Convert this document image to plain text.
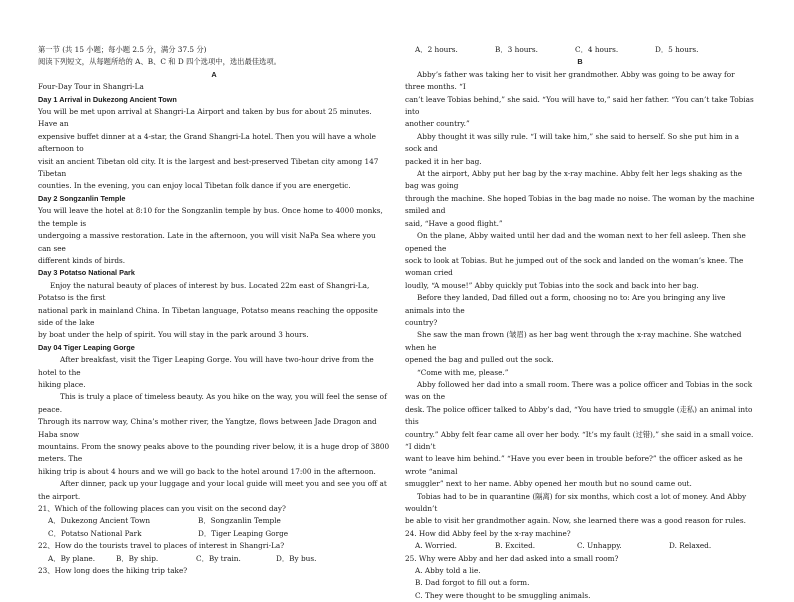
第一节 (共 15 小题；每小题 2.5 分，满分 37.5 分)

阅读下列短文，从每题所给的 A、B、C 和 D 四个选项中，选出最佳选项。

A

Four-Day Tour in Shangri-La

Day 1 Arrival in Dukezong Ancient Town

You will be met upon arrival at Shangri-La Airport and taken by bus for about 25 minutes. Have an

expensive buffet dinner at a 4-star, the Grand Shangri-La hotel. Then you will have a whole afternoon to

visit an ancient Tibetan old city. It is the largest and best-preserved Tibetan city among 147 Tibetan

counties. In the evening, you can enjoy local Tibetan folk dance if you are energetic.

Day 2 Songzanlin Temple

You will leave the hotel at 8:10 for the Songzanlin temple by bus. Once home to 4000 monks, the temple is

undergoing a massive restoration. Late in the afternoon, you will visit NaPa Sea where you can see

different kinds of birds.

Day 3 Potatso National Park

Enjoy the natural beauty of places of interest by bus. Located 22m east of Shangri-La, Potatso is the first

national park in mainland China. In Tibetan language, Potatso means reaching the opposite side of the lake

by boat under the help of spirit. You will stay in the park around 3 hours.

Day 04 Tiger Leaping Gorge

After breakfast, visit the Tiger Leaping Gorge. You will have two-hour drive from the hotel to the

hiking place.

This is truly a place of timeless beauty. As you hike on the way, you will feel the sense of peace.

Through its narrow way, China’s mother river, the Yangtze, flows between Jade Dragon and Haba snow

mountains. From the snowy peaks above to the pounding river below, it is a huge drop of 3800 meters. The

hiking trip is about 4 hours and we will go back to the hotel around 17:00 in the afternoon.

After dinner, pack up your luggage and your local guide will meet you and see you off at the airport.

21、Which of the following places can you visit on the second day?

A．Dukezong Ancient Town	B．Songzanlin Temple
C．Potatso National Park	D．Tiger Leaping Gorge

22、How do the tourists travel to places of interest in Shangri-La?

A．By plane.	B．By ship.	C．By train.	D．By bus.

23、How long does the hiking trip take?

A．2 hours.	B．3 hours.	C．4 hours.	D．5 hours.

B

Abby’s father was taking her to visit her grandmother. Abby was going to be away for three months. “I

can’t leave Tobias behind,” she said. “You will have to,” said her father. “You can’t take Tobias into

another country.”

Abby thought it was silly rule. “I will take him,” she said to herself. So she put him in a sock and

packed it in her bag.

At the airport, Abby put her bag by the x-ray machine. Abby felt her legs shaking as the bag was going

through the machine. She hoped Tobias in the bag made no noise. The woman by the machine smiled and

said, “Have a good flight.”

On the plane, Abby waited until her dad and the woman next to her fell asleep. Then she opened the

sock to look at Tobias. But he jumped out of the sock and landed on the woman’s knee. The woman cried

loudly, “A mouse!” Abby quickly put Tobias into the sock and back into her bag.

Before they landed, Dad filled out a form, choosing no to: Are you bringing any live animals into the

country?

She saw the man frown (皱眉) as her bag went through the x-ray machine. She watched when he

opened the bag and pulled out the sock.

“Come with me, please.”

Abby followed her dad into a small room. There was a police officer and Tobias in the sock was on the

desk. The police officer talked to Abby’s dad, “You have tried to smuggle (走私) an animal into this

country.” Abby felt fear came all over her body. “It’s my fault (过错),” she said in a small voice. “I didn’t

want to leave him behind.” “Have you ever been in trouble before?” the officer asked as he wrote “animal

smuggler” next to her name. Abby opened her mouth but no sound came out.

Tobias had to be in quarantine (隔离) for six months, which cost a lot of money. And Abby wouldn’t

be able to visit her grandmother again. Now, she learned there was a good reason for rules.

24. How did Abby feel by the x-ray machine?

A. Worried.	B. Excited.	C. Unhappy.	D. Relaxed.

25. Why were Abby and her dad asked into a small room?

A. Abby told a lie.

B. Dad forgot to fill out a form.

C. They were thought to be smuggling animals.
